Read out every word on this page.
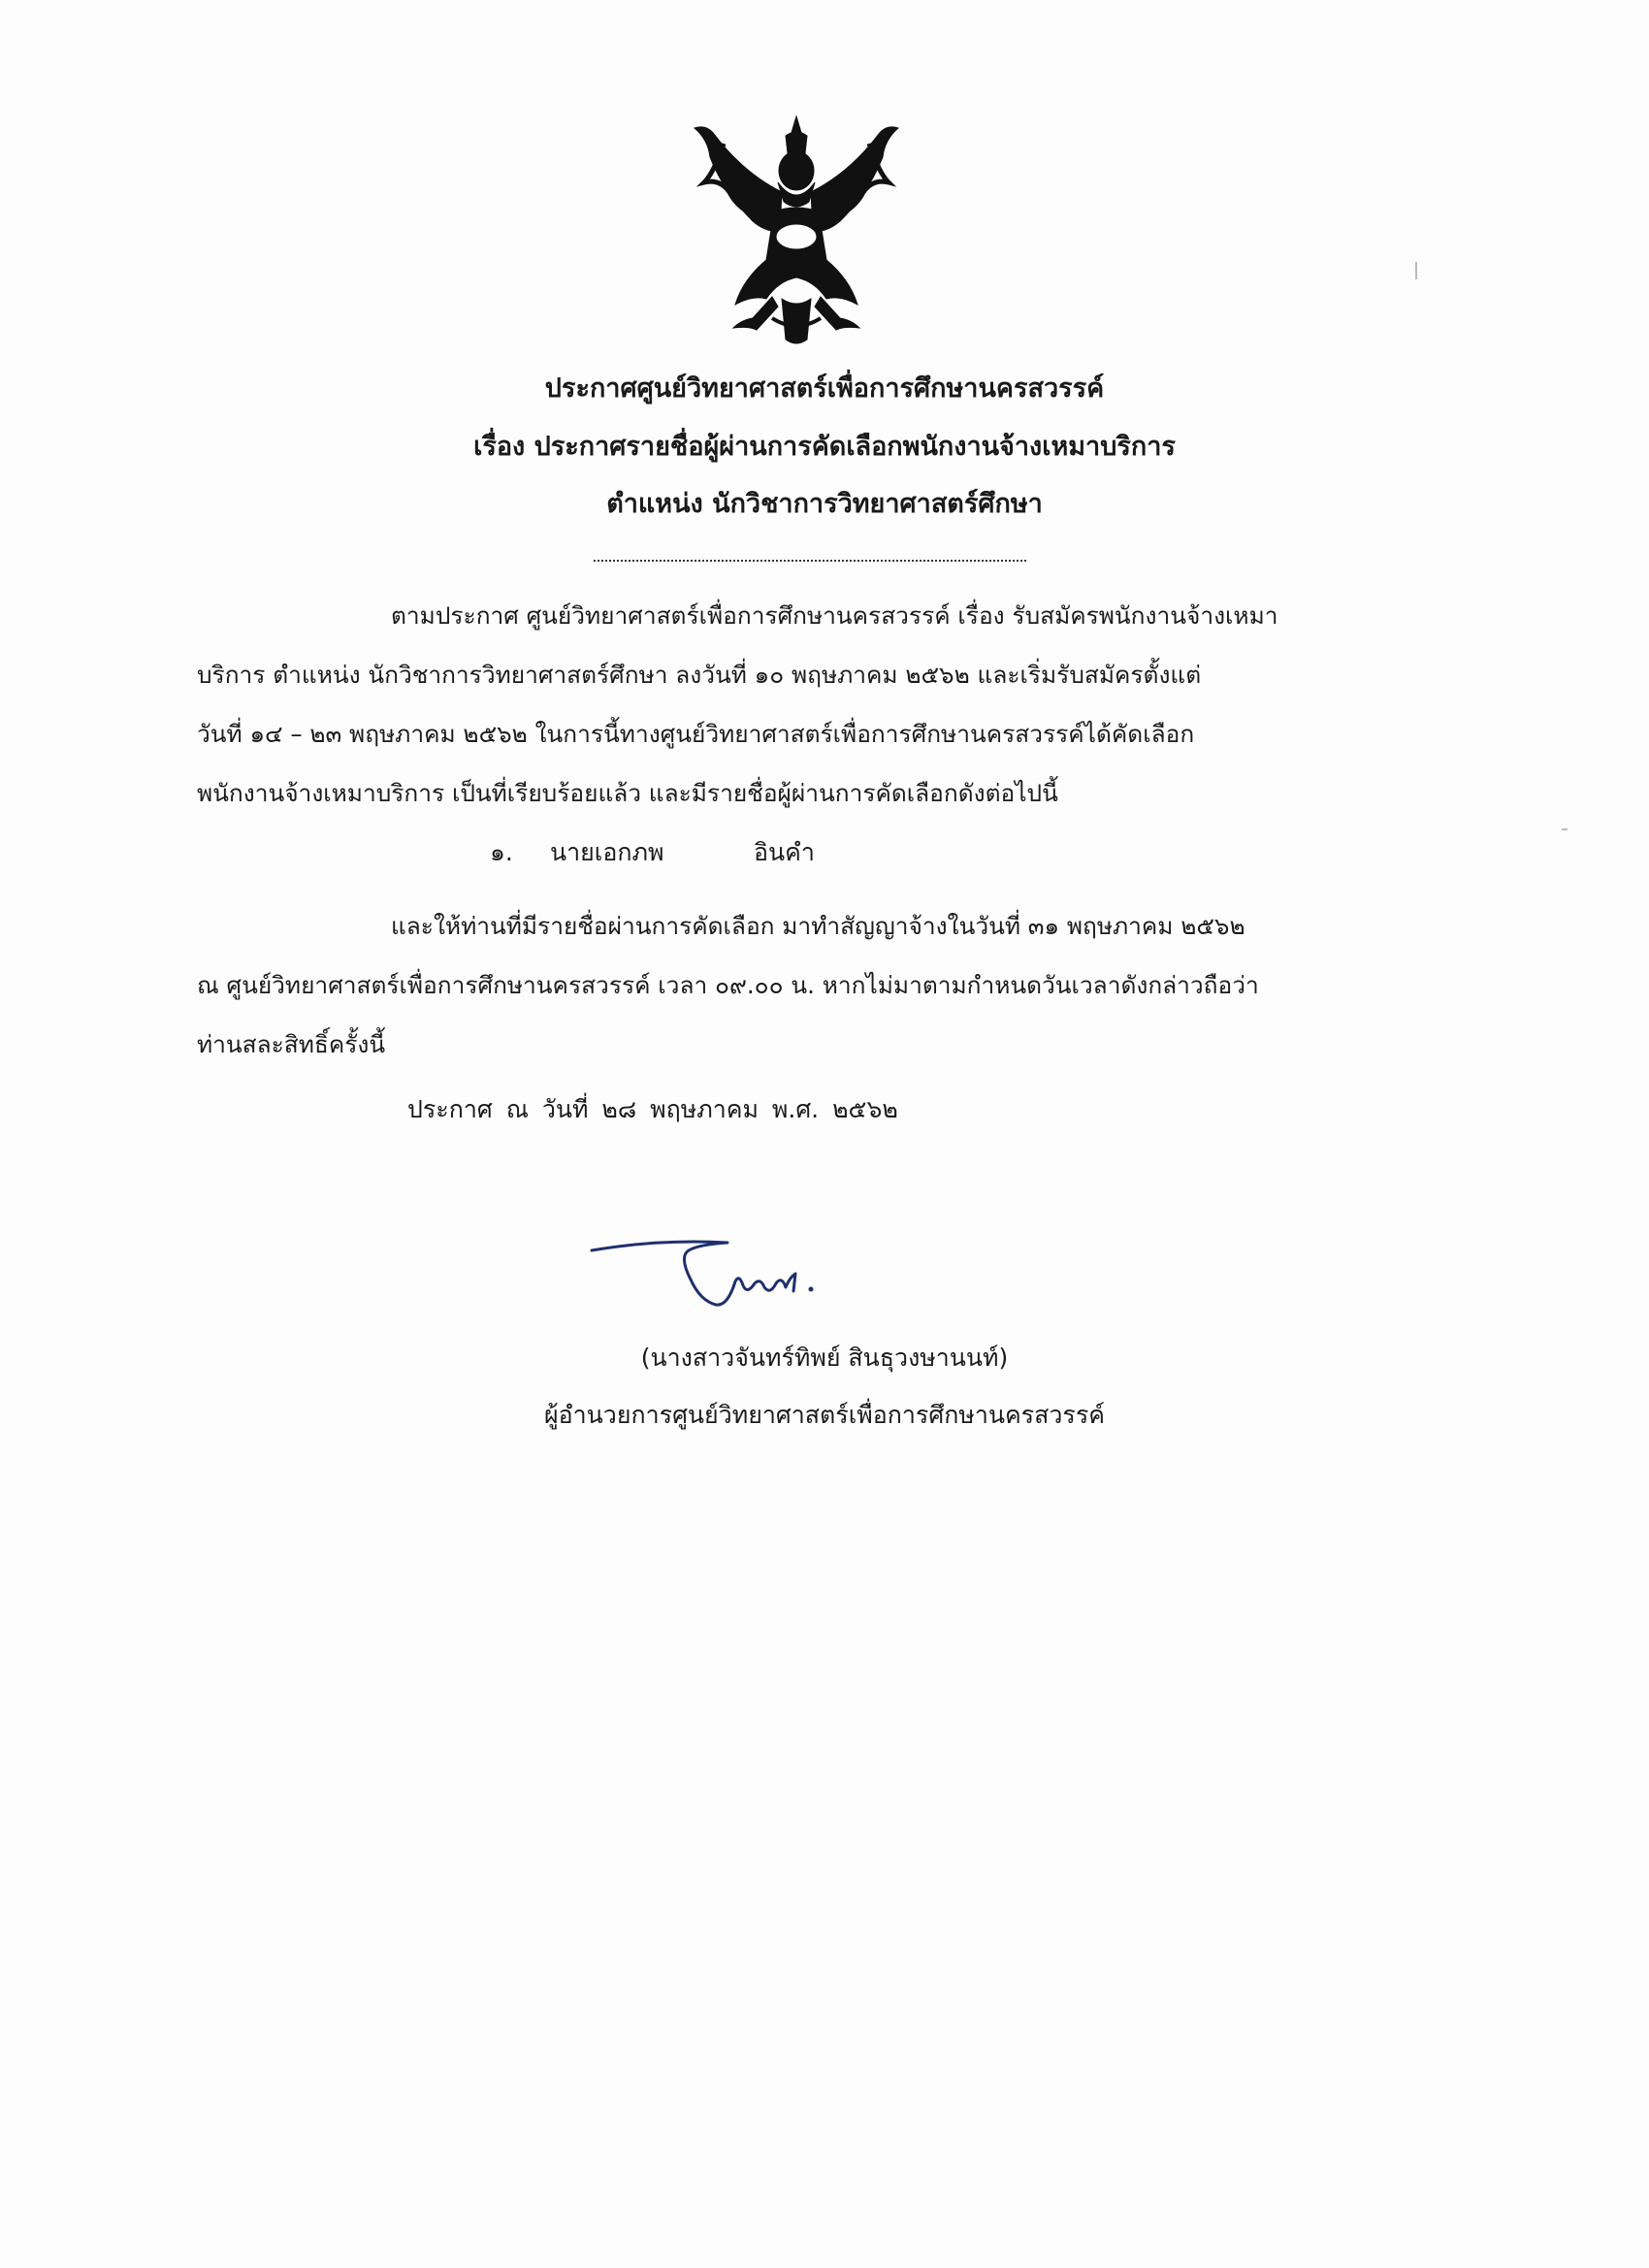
ประกาศศูนย์วิทยาศาสตร์เพื่อการศึกษานครสวรรค์
เรื่อง ประกาศรายชื่อผู้ผ่านการคัดเลือกพนักงานจ้างเหมาบริการ
ตำแหน่ง นักวิชาการวิทยาศาสตร์ศึกษา
ตามประกาศ ศูนย์วิทยาศาสตร์เพื่อการศึกษานครสวรรค์ เรื่อง รับสมัครพนักงานจ้างเหมา
บริการ ตำแหน่ง นักวิชาการวิทยาศาสตร์ศึกษา ลงวันที่ ๑๐ พฤษภาคม ๒๕๖๒ และเริ่มรับสมัครตั้งแต่
วันที่ ๑๔ – ๒๓ พฤษภาคม ๒๕๖๒ ในการนี้ทางศูนย์วิทยาศาสตร์เพื่อการศึกษานครสวรรค์ได้คัดเลือก
พนักงานจ้างเหมาบริการ เป็นที่เรียบร้อยแล้ว และมีรายชื่อผู้ผ่านการคัดเลือกดังต่อไปนี้
๑. นายเอกภพ	อินคำ
และให้ท่านที่มีรายชื่อผ่านการคัดเลือก มาทำสัญญาจ้างในวันที่ ๓๑ พฤษภาคม ๒๕๖๒
ณ ศูนย์วิทยาศาสตร์เพื่อการศึกษานครสวรรค์ เวลา ๐๙.๐๐ น. หากไม่มาตามกำหนดวันเวลาดังกล่าวถือว่า
ท่านสละสิทธิ์ครั้งนี้
ประกาศ ณ วันที่ ๒๘ พฤษภาคม พ.ศ. ๒๕๖๒
(นางสาวจันทร์ทิพย์ สินธุวงษานนท์)
ผู้อำนวยการศูนย์วิทยาศาสตร์เพื่อการศึกษานครสวรรค์
